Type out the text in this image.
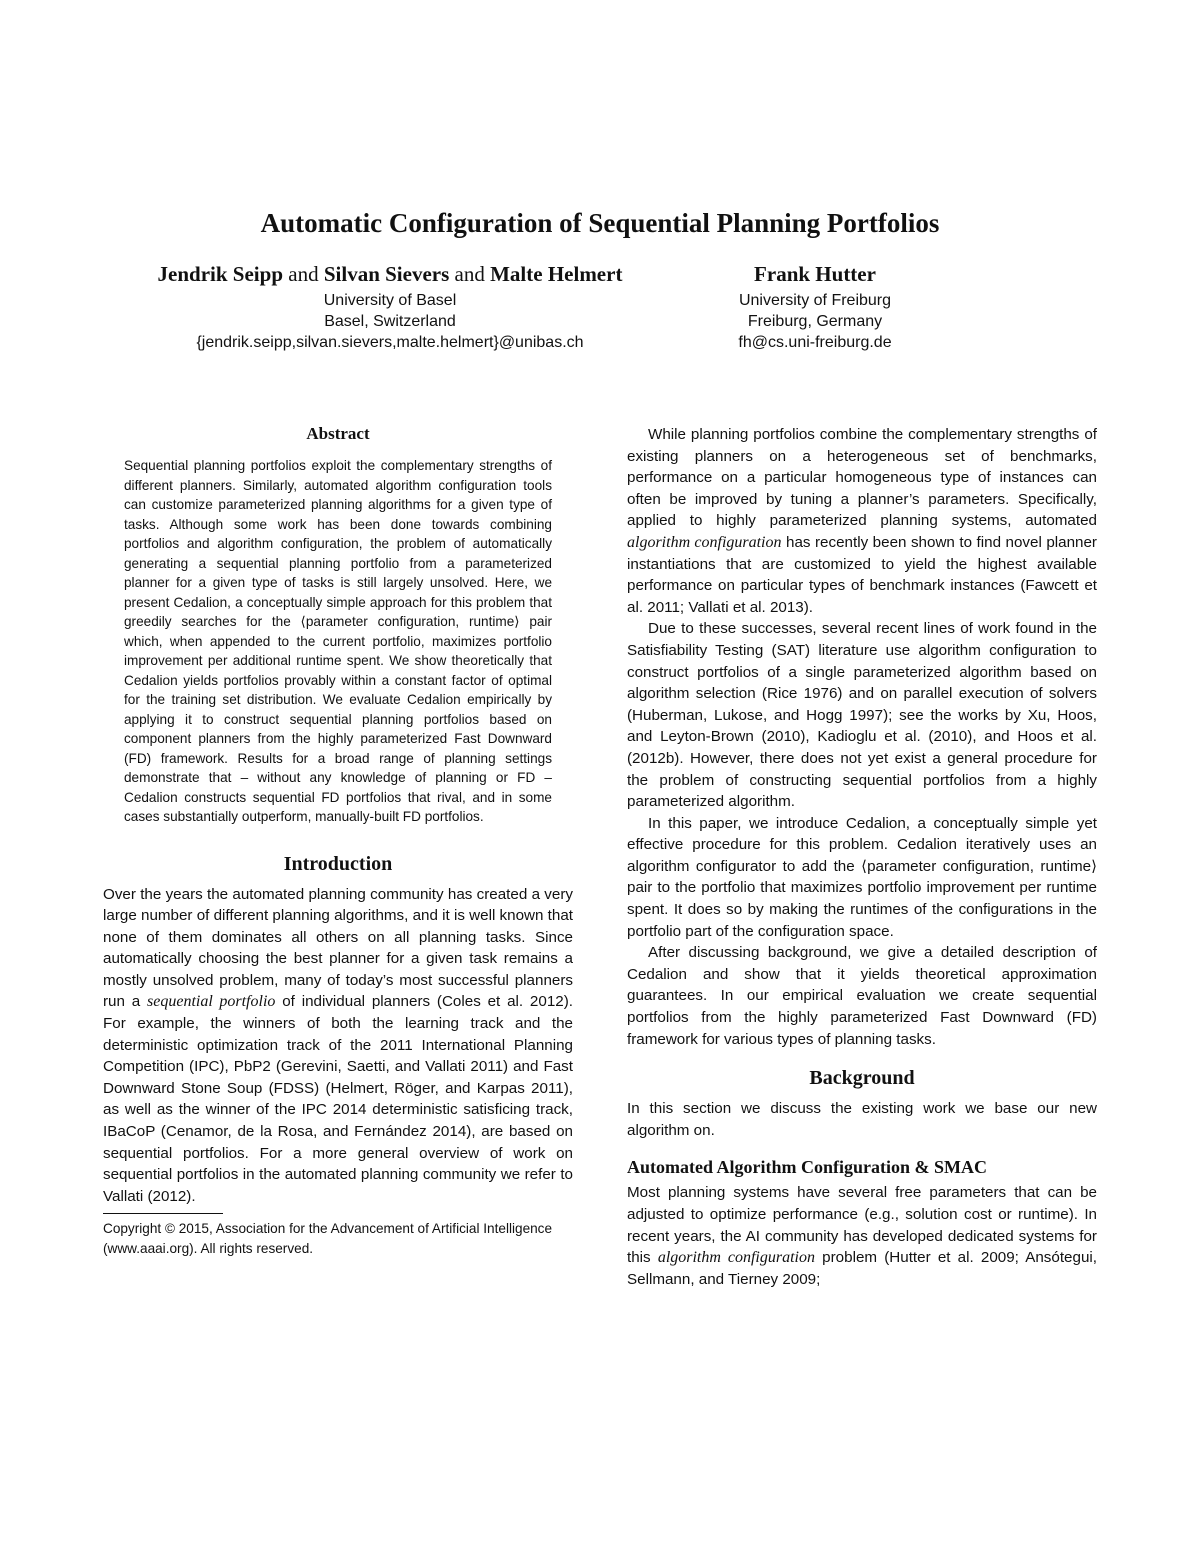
Automatic Configuration of Sequential Planning Portfolios
Jendrik Seipp and Silvan Sievers and Malte Helmert
University of Basel
Basel, Switzerland
{jendrik.seipp,silvan.sievers,malte.helmert}@unibas.ch
Frank Hutter
University of Freiburg
Freiburg, Germany
fh@cs.uni-freiburg.de
Abstract

Sequential planning portfolios exploit the complementary strengths of different planners. Similarly, automated algorithm configuration tools can customize parameterized planning algorithms for a given type of tasks. Although some work has been done towards combining portfolios and algorithm configuration, the problem of automatically generating a sequential planning portfolio from a parameterized planner for a given type of tasks is still largely unsolved. Here, we present Cedalion, a conceptually simple approach for this problem that greedily searches for the ⟨parameter configuration, runtime⟩ pair which, when appended to the current portfolio, maximizes portfolio improvement per additional runtime spent. We show theoretically that Cedalion yields portfolios provably within a constant factor of optimal for the training set distribution. We evaluate Cedalion empirically by applying it to construct sequential planning portfolios based on component planners from the highly parameterized Fast Downward (FD) framework. Results for a broad range of planning settings demonstrate that – without any knowledge of planning or FD – Cedalion constructs sequential FD portfolios that rival, and in some cases substantially outperform, manually-built FD portfolios.

Introduction

Over the years the automated planning community has created a very large number of different planning algorithms, and it is well known that none of them dominates all others on all planning tasks. Since automatically choosing the best planner for a given task remains a mostly unsolved problem, many of today’s most successful planners run a sequential portfolio of individual planners (Coles et al. 2012). For example, the winners of both the learning track and the deterministic optimization track of the 2011 International Planning Competition (IPC), PbP2 (Gerevini, Saetti, and Vallati 2011) and Fast Downward Stone Soup (FDSS) (Helmert, Röger, and Karpas 2011), as well as the winner of the IPC 2014 deterministic satisficing track, IBaCoP (Cenamor, de la Rosa, and Fernández 2014), are based on sequential portfolios. For a more general overview of work on sequential portfolios in the automated planning community we refer to Vallati (2012).

Copyright © 2015, Association for the Advancement of Artificial Intelligence (www.aaai.org). All rights reserved.

While planning portfolios combine the complementary strengths of existing planners on a heterogeneous set of benchmarks, performance on a particular homogeneous type of instances can often be improved by tuning a planner’s parameters. Specifically, applied to highly parameterized planning systems, automated algorithm configuration has recently been shown to find novel planner instantiations that are customized to yield the highest available performance on particular types of benchmark instances (Fawcett et al. 2011; Vallati et al. 2013).

Due to these successes, several recent lines of work found in the Satisfiability Testing (SAT) literature use algorithm configuration to construct portfolios of a single parameterized algorithm based on algorithm selection (Rice 1976) and on parallel execution of solvers (Huberman, Lukose, and Hogg 1997); see the works by Xu, Hoos, and Leyton-Brown (2010), Kadioglu et al. (2010), and Hoos et al. (2012b). However, there does not yet exist a general procedure for the problem of constructing sequential portfolios from a highly parameterized algorithm.

In this paper, we introduce Cedalion, a conceptually simple yet effective procedure for this problem. Cedalion iteratively uses an algorithm configurator to add the ⟨parameter configuration, runtime⟩ pair to the portfolio that maximizes portfolio improvement per runtime spent. It does so by making the runtimes of the configurations in the portfolio part of the configuration space.

After discussing background, we give a detailed description of Cedalion and show that it yields theoretical approximation guarantees. In our empirical evaluation we create sequential portfolios from the highly parameterized Fast Downward (FD) framework for various types of planning tasks.

Background

In this section we discuss the existing work we base our new algorithm on.

Automated Algorithm Configuration & SMAC

Most planning systems have several free parameters that can be adjusted to optimize performance (e.g., solution cost or runtime). In recent years, the AI community has developed dedicated systems for this algorithm configuration problem (Hutter et al. 2009; Ansótegui, Sellmann, and Tierney 2009;
